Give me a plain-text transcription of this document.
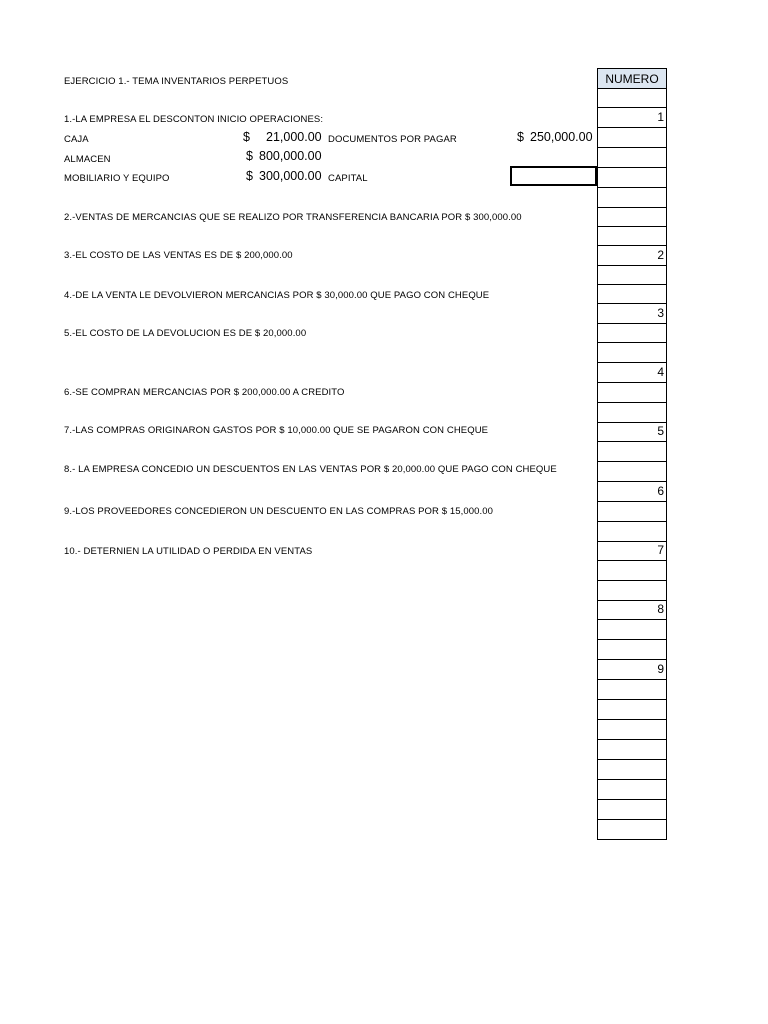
EJERCICIO 1.- TEMA INVENTARIOS PERPETUOS
1.-LA EMPRESA EL DESCONTON INICIO OPERACIONES:
CAJA	$ 21,000.00 DOCUMENTOS POR PAGAR	$ 250,000.00
ALMACEN	$ 800,000.00
MOBILIARIO Y EQUIPO	$ 300,000.00 CAPITAL
2.-VENTAS DE MERCANCIAS QUE SE REALIZO POR TRANSFERENCIA BANCARIA POR $ 300,000.00
3.-EL COSTO DE LAS VENTAS ES DE $ 200,000.00
4.-DE LA VENTA LE DEVOLVIERON MERCANCIAS POR $ 30,000.00 QUE PAGO CON CHEQUE
5.-EL COSTO DE LA DEVOLUCION ES DE $ 20,000.00
6.-SE COMPRAN MERCANCIAS POR $ 200,000.00 A CREDITO
7.-LAS COMPRAS ORIGINARON GASTOS POR $ 10,000.00 QUE SE PAGARON CON CHEQUE
8.- LA EMPRESA CONCEDIO UN DESCUENTOS EN LAS VENTAS POR $ 20,000.00 QUE PAGO CON CHEQUE
9.-LOS PROVEEDORES CONCEDIERON UN DESCUENTO EN LAS COMPRAS POR $ 15,000.00
10.- DETERNIEN LA UTILIDAD O PERDIDA EN VENTAS
NUMERO
1
2
3
4
5
6
7
8
9
